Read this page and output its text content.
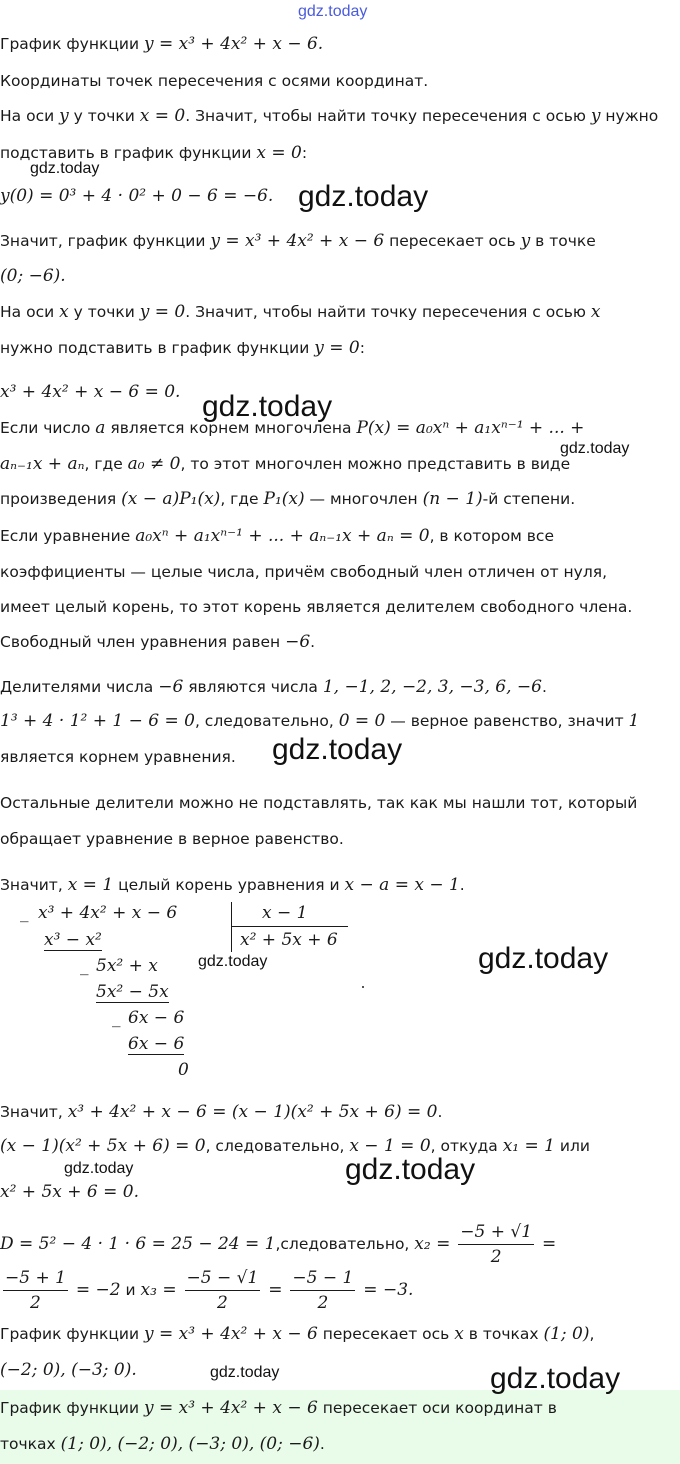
gdz.today
gdz.today
gdz.today
gdz.today
gdz.today
gdz.today
gdz.today	gdz.today
gdz.today	gdz.today
gdz.today	gdz.today
График функции y = x³ + 4x² + x − 6.
Координаты точек пересечения с осями координат.
На оси y у точки x = 0. Значит, чтобы найти точку пересечения с осью y нужно
подставить в график функции x = 0:
y(0) = 0³ + 4 · 0² + 0 − 6 = −6.
Значит, график функции y = x³ + 4x² + x − 6 пересекает ось y в точке
(0; −6).
На оси x у точки y = 0. Значит, чтобы найти точку пересечения с осью x
нужно подставить в график функции y = 0:
x³ + 4x² + x − 6 = 0.
Если число a является корнем многочлена P(x) = a₀xⁿ + a₁xⁿ⁻¹ + ... +
aₙ₋₁x + aₙ, где a₀ ≠ 0, то этот многочлен можно представить в виде
произведения (x − a)P₁(x), где P₁(x) — многочлен (n − 1)-й степени.
Если уравнение a₀xⁿ + a₁xⁿ⁻¹ + ... + aₙ₋₁x + aₙ = 0, в котором все
коэффициенты — целые числа, причём свободный член отличен от нуля,
имеет целый корень, то этот корень является делителем свободного члена.
Свободный член уравнения равен −6.
Делителями числа −6 являются числа 1, −1, 2, −2, 3, −3, 6, −6.
1³ + 4 · 1² + 1 − 6 = 0, следовательно, 0 = 0 — верное равенство, значит 1
является корнем уравнения.
Остальные делители можно не подставлять, так как мы нашли тот, который
обращает уравнение в верное равенство.
Значит, x = 1 целый корень уравнения и x − a = x − 1.
_ x³ + 4x² + x − 6	x − 1
x² + 5x + 6
x³ − x²
_ 5x² + x
5x² − 5x
_ 6x − 6
6x − 6
0
Значит, x³ + 4x² + x − 6 = (x − 1)(x² + 5x + 6) = 0.
(x − 1)(x² + 5x + 6) = 0, следовательно, x − 1 = 0, откуда x₁ = 1 или
x² + 5x + 6 = 0.
D = 5² − 4 · 1 · 6 = 25 − 24 = 1,следовательно, $x_2 = \frac{-5 + √1}{2}$ =
$\frac{-5 + 1}{2} = -2$ и $x_3 = \frac{-5 - √1}{2} = \frac{-5 - 1}{2} = -3$.
График функции y = x³ + 4x² + x − 6 пересекает ось x в точках (1; 0),
(−2; 0), (−3; 0).
График функции y = x³ + 4x² + x − 6 пересекает оси координат в
точках (1; 0), (−2; 0), (−3; 0), (0; −6).
